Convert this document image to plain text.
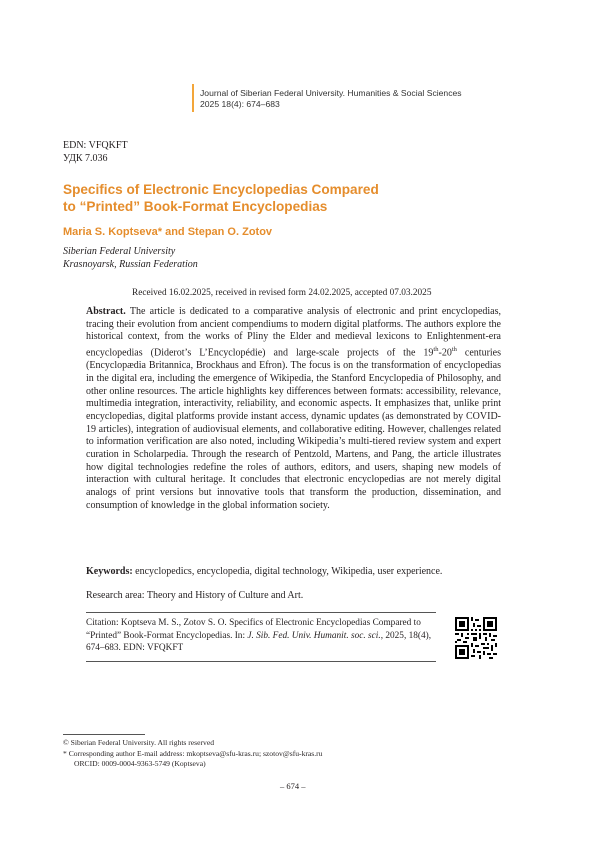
Journal of Siberian Federal University. Humanities & Social Sciences
2025 18(4): 674–683
EDN: VFQKFT
УДК 7.036
Specifics of Electronic Encyclopedias Compared
to “Printed” Book-Format Encyclopedias
Maria S. Koptseva* and Stepan O. Zotov
Siberian Federal University
Krasnoyarsk, Russian Federation
Received 16.02.2025, received in revised form 24.02.2025, accepted 07.03.2025
Abstract. The article is dedicated to a comparative analysis of electronic and print encyclopedias, tracing their evolution from ancient compendiums to modern digital platforms. The authors explore the historical context, from the works of Pliny the Elder and medieval lexicons to Enlightenment-era encyclopedias (Diderot’s L’Encyclopédie) and large-scale projects of the 19th-20th centuries (Encyclopædia Britannica, Brockhaus and Efron). The focus is on the transformation of encyclopedias in the digital era, including the emergence of Wikipedia, the Stanford Encyclopedia of Philosophy, and other online resources. The article highlights key differences between formats: accessibility, relevance, multimedia integration, interactivity, reliability, and economic aspects. It emphasizes that, unlike print encyclopedias, digital platforms provide instant access, dynamic updates (as demonstrated by COVID-19 articles), integration of audiovisual elements, and collaborative editing. However, challenges related to information verification are also noted, including Wikipedia’s multi-tiered review system and expert curation in Scholarpedia. Through the research of Pentzold, Martens, and Pang, the article illustrates how digital technologies redefine the roles of authors, editors, and users, shaping new models of interaction with cultural heritage. It concludes that electronic encyclopedias are not merely digital analogs of print versions but innovative tools that transform the production, dissemination, and consumption of knowledge in the global information society.
Keywords: encyclopedics, encyclopedia, digital technology, Wikipedia, user experience.
Research area: Theory and History of Culture and Art.
Citation: Koptseva M. S., Zotov S. O. Specifics of Electronic Encyclopedias Compared to “Printed” Book-Format Encyclopedias. In: J. Sib. Fed. Univ. Humanit. soc. sci., 2025, 18(4), 674–683. EDN: VFQKFT
© Siberian Federal University. All rights reserved
* Corresponding author E-mail address: mkoptseva@sfu-kras.ru; szotov@sfu-kras.ru
ORCID: 0009-0004-9363-5749 (Koptseva)
– 674 –
